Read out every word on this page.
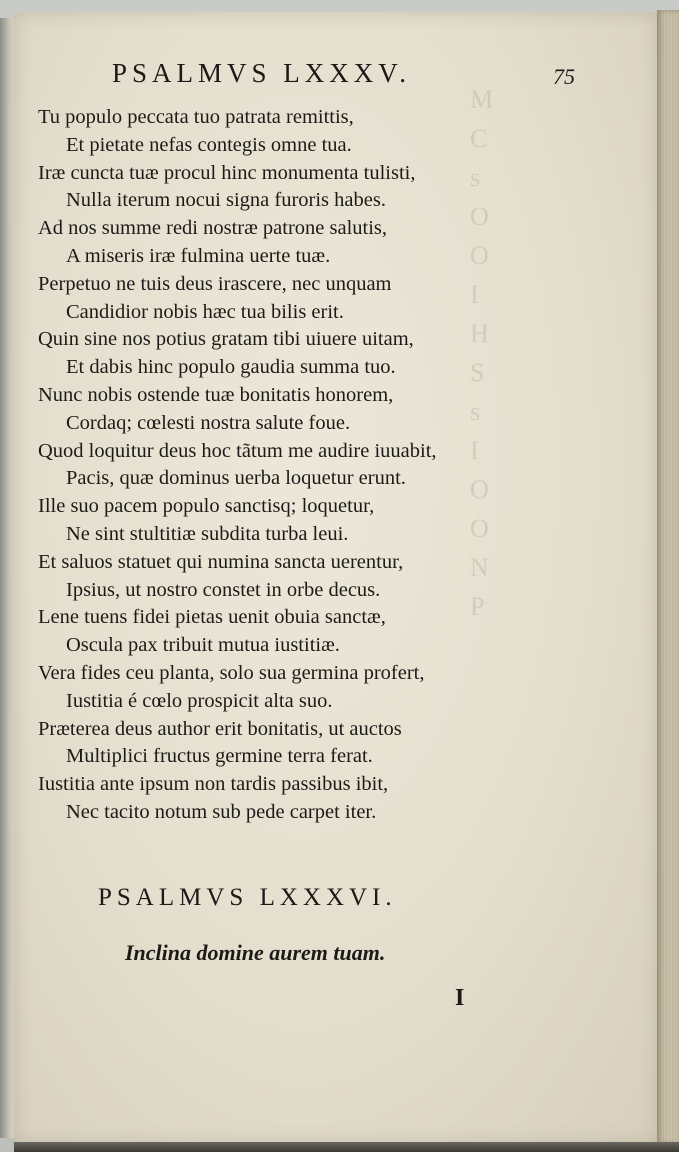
PSALMVS LXXXV.	75
Tu populo peccata tuo patrata remittis,
Et pietate nefas contegis omne tua.
Iræ cuncta tuæ procul hinc monumenta tulisti,
Nulla iterum nocui signa furoris habes.
Ad nos summe redi nostræ patrone salutis,
A miseris iræ fulmina uerte tuæ.
Perpetuo ne tuis deus irascere, nec unquam
Candidior nobis hæc tua bilis erit.
Quin sine nos potius gratam tibi uiuere uitam,
Et dabis hinc populo gaudia summa tuo.
Nunc nobis ostende tuæ bonitatis honorem,
Cordaq; cœlesti nostra salute foue.
Quod loquitur deus hoc tãtum me audire iuuabit,
Pacis, quæ dominus uerba loquetur erunt.
Ille suo pacem populo sanctisq; loquetur,
Ne sint stultitiæ subdita turba leui.
Et saluos statuet qui numina sancta uerentur,
Ipsius, ut nostro constet in orbe decus.
Lene tuens fidei pietas uenit obuia sanctæ,
Oscula pax tribuit mutua iustitiæ.
Vera fides ceu planta, solo sua germina profert,
Iustitia é cœlo prospicit alta suo.
Præterea deus author erit bonitatis, ut auctos
Multiplici fructus germine terra ferat.
Iustitia ante ipsum non tardis passibus ibit,
Nec tacito notum sub pede carpet iter.
PSALMVS LXXXVI.
Inclina domine aurem tuam.
I
